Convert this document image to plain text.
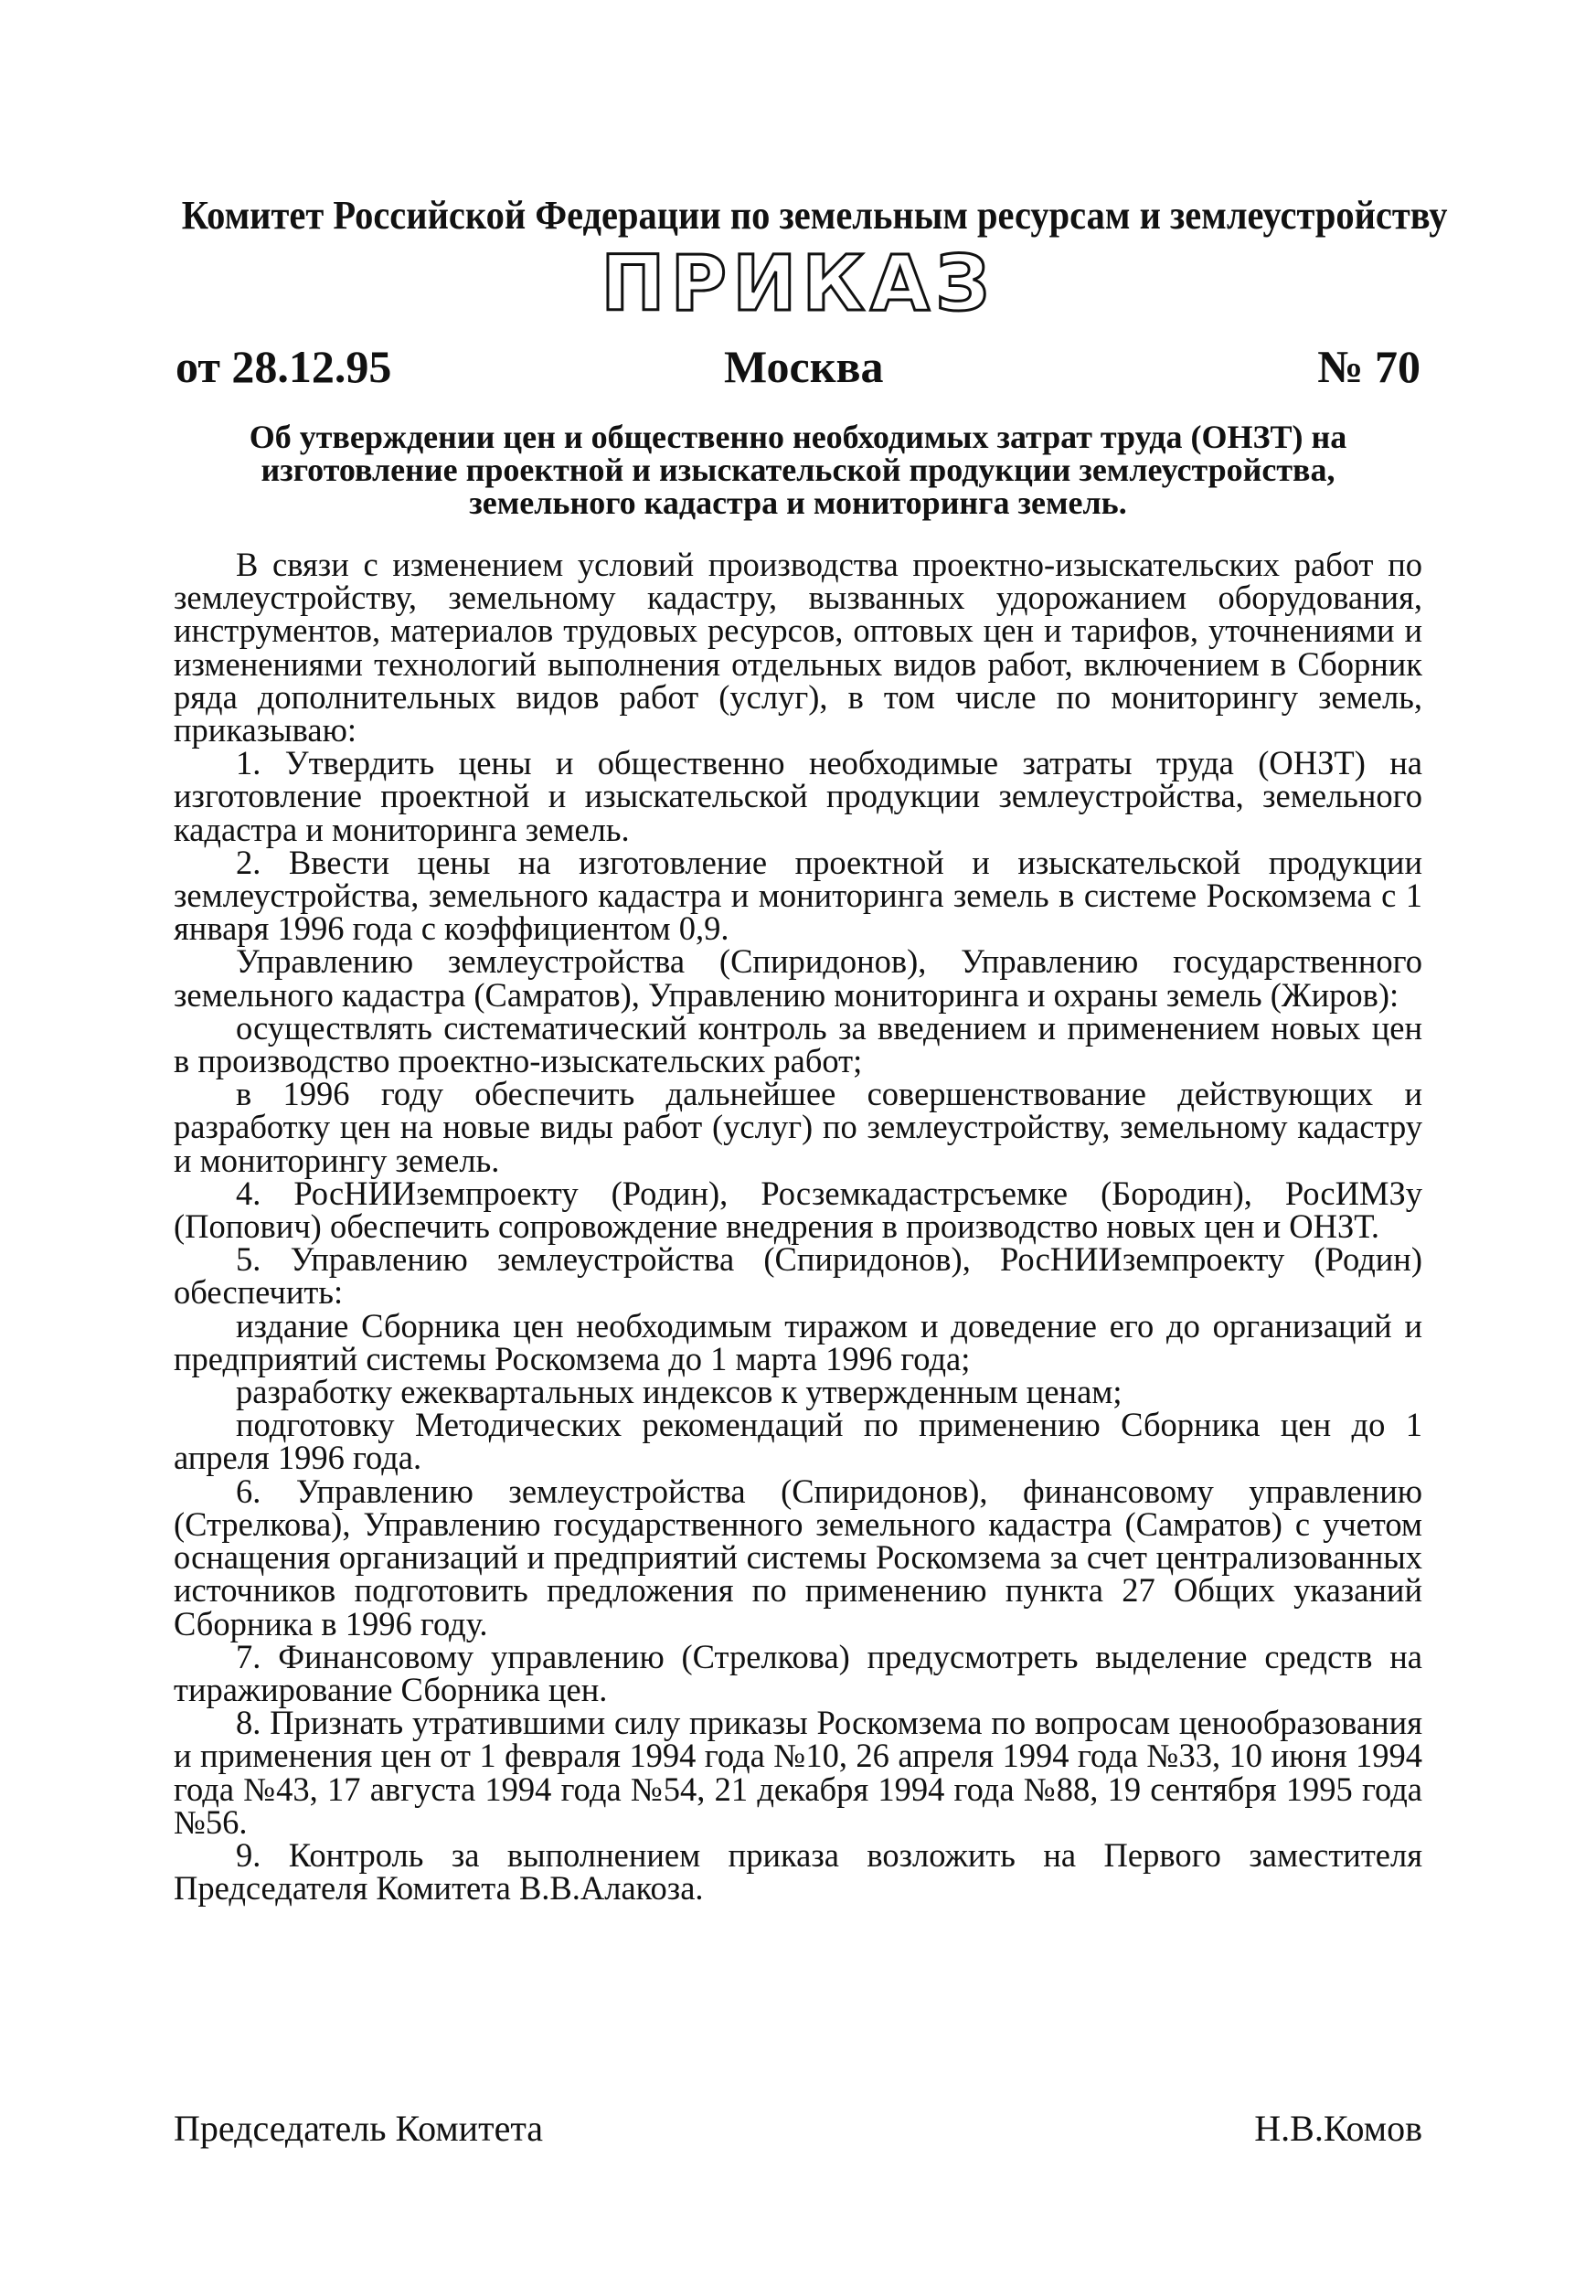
Комитет Российской Федерации по земельным ресурсам и землеустройству
ПРИКАЗ
от 28.12.95	Москва	№ 70
Об утверждении цен и общественно необходимых затрат труда (ОНЗТ) на изготовление проектной и изыскательской продукции землеустройства, земельного кадастра и мониторинга земель.

В связи с изменением условий производства проектно-изыскательских работ по землеустройству, земельному кадастру, вызванных удорожанием оборудования, инструментов, материалов трудовых ресурсов, оптовых цен и тарифов, уточнениями и изменениями технологий выполнения отдельных видов работ, включением в Сборник ряда дополнительных видов работ (услуг), в том числе по мониторингу земель, приказываю:

1. Утвердить цены и общественно необходимые затраты труда (ОНЗТ) на изготовление проектной и изыскательской продукции землеустройства, земельного кадастра и мониторинга земель.

2. Ввести цены на изготовление проектной и изыскательской продукции землеустройства, земельного кадастра и мониторинга земель в системе Роскомзема с 1 января 1996 года с коэффициентом 0,9.

Управлению землеустройства (Спиридонов), Управлению государственного земельного кадастра (Самратов), Управлению мониторинга и охраны земель (Жиров):

осуществлять систематический контроль за введением и применением новых цен в производство проектно-изыскательских работ;

в 1996 году обеспечить дальнейшее совершенствование действующих и разработку цен на новые виды работ (услуг) по землеустройству, земельному кадастру и мониторингу земель.

4. РосНИИземпроекту (Родин), Росземкадастрсъемке (Бородин), РосИМЗу (Попович) обеспечить сопровождение внедрения в производство новых цен и ОНЗТ.

5. Управлению землеустройства (Спиридонов), РосНИИземпроекту (Родин) обеспечить:

издание Сборника цен необходимым тиражом и доведение его до организаций и предприятий системы Роскомзема до 1 марта 1996 года;

разработку ежеквартальных индексов к утвержденным ценам;

подготовку Методических рекомендаций по применению Сборника цен до 1 апреля 1996 года.

6. Управлению землеустройства (Спиридонов), финансовому управлению (Стрелкова), Управлению государственного земельного кадастра (Самратов) с учетом оснащения организаций и предприятий системы Роскомзема за счет централизованных источников подготовить предложения по применению пункта 27 Общих указаний Сборника в 1996 году.

7. Финансовому управлению (Стрелкова) предусмотреть выделение средств на тиражирование Сборника цен.

8. Признать утратившими силу приказы Роскомзема по вопросам ценообразования и применения цен от 1 февраля 1994 года №10, 26 апреля 1994 года №33, 10 июня 1994 года №43, 17 августа 1994 года №54, 21 декабря 1994 года №88, 19 сентября 1995 года №56.

9. Контроль за выполнением приказа возложить на Первого заместителя Председателя Комитета В.В.Алакоза.

Председатель Комитета	Н.В.Комов
